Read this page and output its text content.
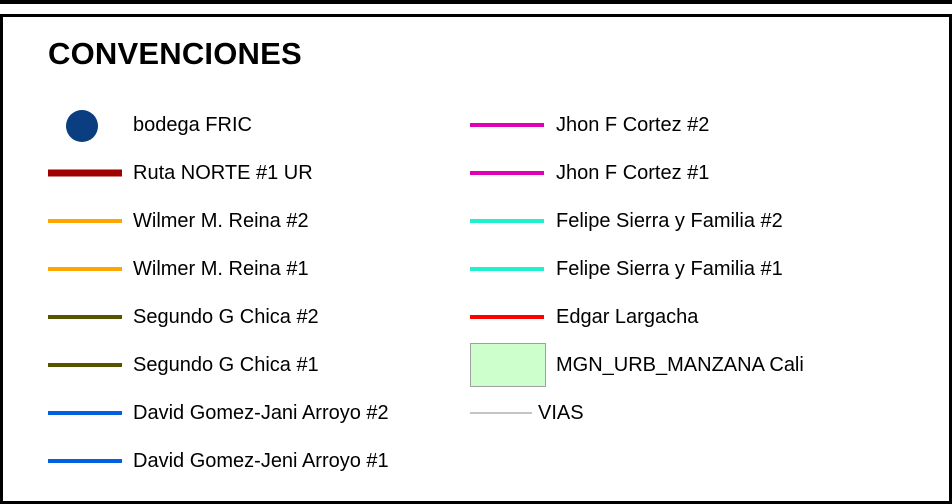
CONVENCIONES
bodega FRIC
Ruta NORTE #1 UR
Wilmer M. Reina #2
Wilmer M. Reina #1
Segundo G Chica #2
Segundo G Chica #1
David Gomez-Jani Arroyo #2
David Gomez-Jeni Arroyo #1
Jhon F Cortez #2
Jhon F Cortez #1
Felipe Sierra y Familia #2
Felipe Sierra y Familia #1
Edgar Largacha
MGN_URB_MANZANA Cali
VIAS
